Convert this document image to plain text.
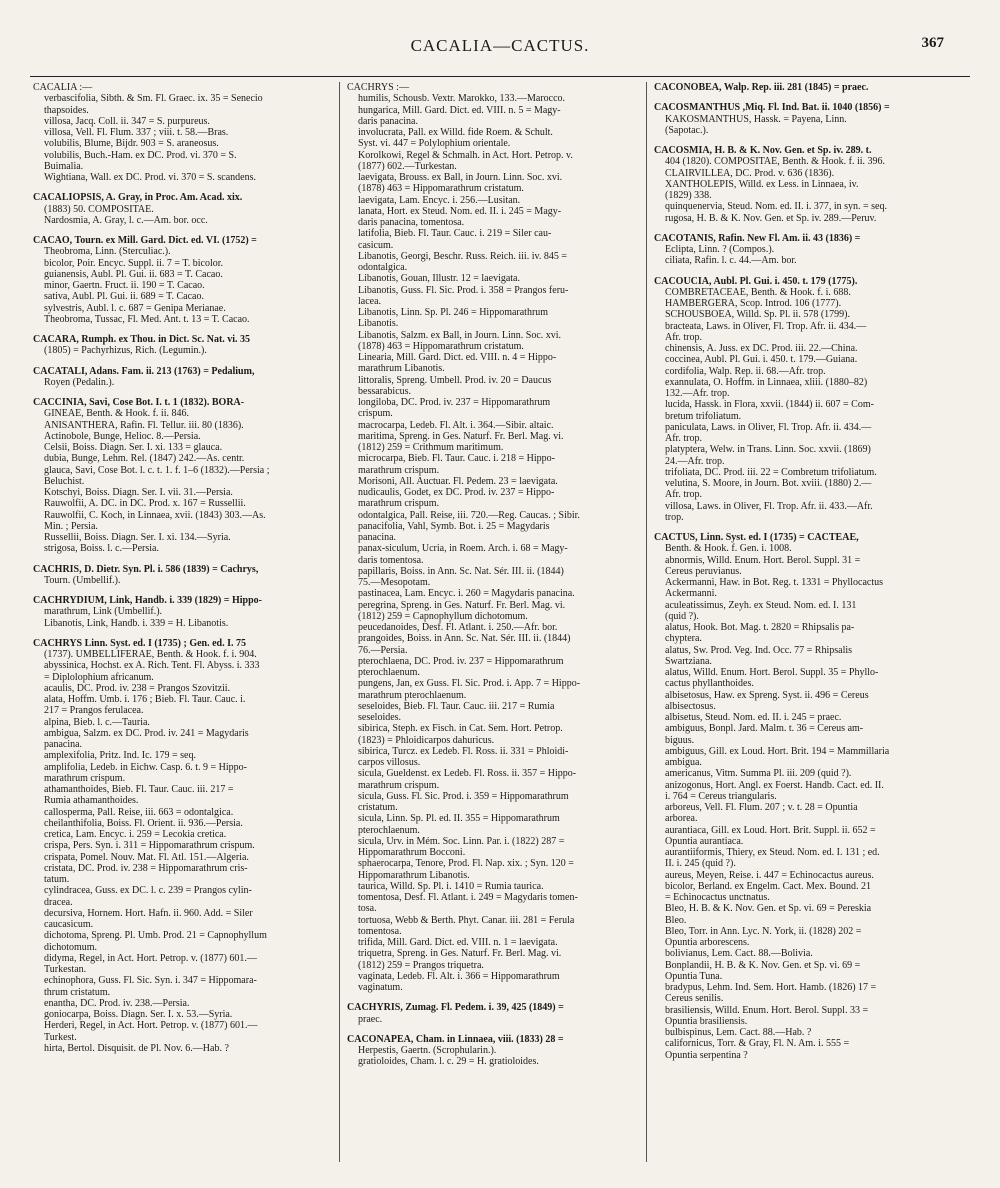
CACALIA—CACTUS.	367
CACALIA :—
verbascifolia, Sibth. & Sm. Fl. Graec. ix. 35 = Senecio
thapsoides.
villosa, Jacq. Coll. ii. 347 = S. purpureus.
villosa, Vell. Fl. Flum. 337 ; viii. t. 58.—Bras.
volubilis, Blume, Bijdr. 903 = S. araneosus.
volubilis, Buch.-Ham. ex DC. Prod. vi. 370 = S.
Buimalia.
Wightiana, Wall. ex DC. Prod. vi. 370 = S. scandens.
CACALIOPSIS, A. Gray, in Proc. Am. Acad. xix.
(1883) 50. COMPOSITAE.
Nardosmia, A. Gray, l. c.—Am. bor. occ.
CACAO, Tourn. ex Mill. Gard. Dict. ed. VI. (1752) =
Theobroma, Linn. (Sterculiac.).
bicolor, Poir. Encyc. Suppl. ii. 7 = T. bicolor.
guianensis, Aubl. Pl. Gui. ii. 683 = T. Cacao.
minor, Gaertn. Fruct. ii. 190 = T. Cacao.
sativa, Aubl. Pl. Gui. ii. 689 = T. Cacao.
sylvestris, Aubl. l. c. 687 = Genipa Merianae.
Theobroma, Tussac, Fl. Med. Ant. t. 13 = T. Cacao.
CACARA, Rumph. ex Thou. in Dict. Sc. Nat. vi. 35
(1805) = Pachyrhizus, Rich. (Legumin.).
CACATALI, Adans. Fam. ii. 213 (1763) = Pedalium,
Royen (Pedalin.).
CACCINIA, Savi, Cose Bot. I. t. 1 (1832). BORA-
GINEAE, Benth. & Hook. f. ii. 846.
ANISANTHERA, Rafin. Fl. Tellur. iii. 80 (1836).
Actinobole, Bunge, Helioc. 8.—Persia.
Celsii, Boiss. Diagn. Ser. I. xi. 133 = glauca.
dubia, Bunge, Lehm. Rel. (1847) 242.—As. centr.
glauca, Savi, Cose Bot. l. c. t. 1. f. 1–6 (1832).—Persia ;
Beluchist.
Kotschyi, Boiss. Diagn. Ser. I. vii. 31.—Persia.
Rauwolfii, A. DC. in DC. Prod. x. 167 = Russellii.
Rauwolfii, C. Koch, in Linnaea, xvii. (1843) 303.—As.
Min. ; Persia.
Russellii, Boiss. Diagn. Ser. I. xi. 134.—Syria.
strigosa, Boiss. l. c.—Persia.
CACHRIS, D. Dietr. Syn. Pl. i. 586 (1839) = Cachrys,
Tourn. (Umbellif.).
CACHRYDIUM, Link, Handb. i. 339 (1829) = Hippo-
marathrum, Link (Umbellif.).
Libanotis, Link, Handb. i. 339 = H. Libanotis.
CACHRYS Linn. Syst. ed. I (1735) ; Gen. ed. I. 75
(1737). UMBELLIFERAE, Benth. & Hook. f. i. 904.
abyssinica, Hochst. ex A. Rich. Tent. Fl. Abyss. i. 333
= Diplolophium africanum.
acaulis, DC. Prod. iv. 238 = Prangos Szovitzii.
alata, Hoffm. Umb. i. 176 ; Bieb. Fl. Taur. Cauc. i.
217 = Prangos ferulacea.
alpina, Bieb. l. c.—Tauria.
ambigua, Salzm. ex DC. Prod. iv. 241 = Magydaris
panacina.
amplexifolia, Pritz. Ind. Ic. 179 = seq.
amplifolia, Ledeb. in Eichw. Casp. 6. t. 9 = Hippo-
marathrum crispum.
athamanthoides, Bieb. Fl. Taur. Cauc. iii. 217 =
Rumia athamanthoides.
callosperma, Pall. Reise, iii. 663 = odontalgica.
cheilanthifolia, Boiss. Fl. Orient. ii. 936.—Persia.
cretica, Lam. Encyc. i. 259 = Lecokia cretica.
crispa, Pers. Syn. i. 311 = Hippomarathrum crispum.
crispata, Pomel. Nouv. Mat. Fl. Atl. 151.—Algeria.
cristata, DC. Prod. iv. 238 = Hippomarathrum cris-
tatum.
cylindracea, Guss. ex DC. l. c. 239 = Prangos cylin-
dracea.
decursiva, Hornem. Hort. Hafn. ii. 960. Add. = Siler
caucasicum.
dichotoma, Spreng. Pl. Umb. Prod. 21 = Capnophyllum
dichotomum.
didyma, Regel, in Act. Hort. Petrop. v. (1877) 601.—
Turkestan.
echinophora, Guss. Fl. Sic. Syn. i. 347 = Hippomara-
thrum cristatum.
enantha, DC. Prod. iv. 238.—Persia.
goniocarpa, Boiss. Diagn. Ser. I. x. 53.—Syria.
Herderi, Regel, in Act. Hort. Petrop. v. (1877) 601.—
Turkest.
hirta, Bertol. Disquisit. de Pl. Nov. 6.—Hab. ?
CACHRYS :—
humilis, Schousb. Vextr. Marokko, 133.—Marocco.
hungarica, Mill. Gard. Dict. ed. VIII. n. 5 = Magy-
daris panacina.
involucrata, Pall. ex Willd. fide Roem. & Schult.
Syst. vi. 447 = Polylophium orientale.
Korolkowi, Regel & Schmalh. in Act. Hort. Petrop. v.
(1877) 602.—Turkestan.
laevigata, Brouss. ex Ball, in Journ. Linn. Soc. xvi.
(1878) 463 = Hippomarathrum cristatum.
laevigata, Lam. Encyc. i. 256.—Lusitan.
lanata, Hort. ex Steud. Nom. ed. II. i. 245 = Magy-
daris panacina, tomentosa.
latifolia, Bieb. Fl. Taur. Cauc. i. 219 = Siler cau-
casicum.
Libanotis, Georgi, Beschr. Russ. Reich. iii. iv. 845 =
odontalgica.
Libanotis, Gouan, Illustr. 12 = laevigata.
Libanotis, Guss. Fl. Sic. Prod. i. 358 = Prangos feru-
lacea.
Libanotis, Linn. Sp. Pl. 246 = Hippomarathrum
Libanotis.
Libanotis, Salzm. ex Ball, in Journ. Linn. Soc. xvi.
(1878) 463 = Hippomarathrum cristatum.
Linearia, Mill. Gard. Dict. ed. VIII. n. 4 = Hippo-
marathrum Libanotis.
littoralis, Spreng. Umbell. Prod. iv. 20 = Daucus
bessarabicus.
longiloba, DC. Prod. iv. 237 = Hippomarathrum
crispum.
macrocarpa, Ledeb. Fl. Alt. i. 364.—Sibir. altaic.
maritima, Spreng. in Ges. Naturf. Fr. Berl. Mag. vi.
(1812) 259 = Crithmum maritimum.
microcarpa, Bieb. Fl. Taur. Cauc. i. 218 = Hippo-
marathrum crispum.
Morisoni, All. Auctuar. Fl. Pedem. 23 = laevigata.
nudicaulis, Godet, ex DC. Prod. iv. 237 = Hippo-
marathrum crispum.
odontalgica, Pall. Reise, iii. 720.—Reg. Caucas. ; Sibir.
panacifolia, Vahl, Symb. Bot. i. 25 = Magydaris
panacina.
panax-siculum, Ucria, in Roem. Arch. i. 68 = Magy-
daris tomentosa.
papillaris, Boiss. in Ann. Sc. Nat. Sér. III. ii. (1844)
75.—Mesopotam.
pastinacea, Lam. Encyc. i. 260 = Magydaris panacina.
peregrina, Spreng. in Ges. Naturf. Fr. Berl. Mag. vi.
(1812) 259 = Capnophyllum dichotomum.
peucedanoides, Desf. Fl. Atlant. i. 250.—Afr. bor.
prangoides, Boiss. in Ann. Sc. Nat. Sér. III. ii. (1844)
76.—Persia.
pterochlaena, DC. Prod. iv. 237 = Hippomarathrum
pterochlaenum.
pungens, Jan, ex Guss. Fl. Sic. Prod. i. App. 7 = Hippo-
marathrum pterochlaenum.
seseloides, Bieb. Fl. Taur. Cauc. iii. 217 = Rumia
seseloides.
sibirica, Steph. ex Fisch. in Cat. Sem. Hort. Petrop.
(1823) = Phloidicarpos dahuricus.
sibirica, Turcz. ex Ledeb. Fl. Ross. ii. 331 = Phloidi-
carpos villosus.
sicula, Gueldenst. ex Ledeb. Fl. Ross. ii. 357 = Hippo-
marathrum crispum.
sicula, Guss. Fl. Sic. Prod. i. 359 = Hippomarathrum
cristatum.
sicula, Linn. Sp. Pl. ed. II. 355 = Hippomarathrum
pterochlaenum.
sicula, Urv. in Mém. Soc. Linn. Par. i. (1822) 287 =
Hippomarathrum Bocconi.
sphaerocarpa, Tenore, Prod. Fl. Nap. xix. ; Syn. 120 =
Hippomarathrum Libanotis.
taurica, Willd. Sp. Pl. i. 1410 = Rumia taurica.
tomentosa, Desf. Fl. Atlant. i. 249 = Magydaris tomen-
tosa.
tortuosa, Webb & Berth. Phyt. Canar. iii. 281 = Ferula
tomentosa.
trifida, Mill. Gard. Dict. ed. VIII. n. 1 = laevigata.
triquetra, Spreng. in Ges. Naturf. Fr. Berl. Mag. vi.
(1812) 259 = Prangos triquetra.
vaginata, Ledeb. Fl. Alt. i. 366 = Hippomarathrum
vaginatum.
CACHYRIS, Zumag. Fl. Pedem. i. 39, 425 (1849) =
praec.
CACONAPEA, Cham. in Linnaea, viii. (1833) 28 =
Herpestis, Gaertn. (Scrophularin.).
gratioloides, Cham. l. c. 29 = H. gratioloides.
CACONOBEA, Walp. Rep. iii. 281 (1845) = praec.
CACOSMANTHUS ,Miq. Fl. Ind. Bat. ii. 1040 (1856) =
KAKOSMANTHUS, Hassk. = Payena, Linn.
(Sapotac.).
CACOSMIA, H. B. & K. Nov. Gen. et Sp. iv. 289. t.
404 (1820). COMPOSITAE, Benth. & Hook. f. ii. 396.
CLAIRVILLEA, DC. Prod. v. 636 (1836).
XANTHOLEPIS, Willd. ex Less. in Linnaea, iv.
(1829) 338.
quinquenervia, Steud. Nom. ed. II. i. 377, in syn. = seq.
rugosa, H. B. & K. Nov. Gen. et Sp. iv. 289.—Peruv.
CACOTANIS, Rafin. New Fl. Am. ii. 43 (1836) =
Eclipta, Linn. ? (Compos.).
ciliata, Rafin. l. c. 44.—Am. bor.
CACOUCIA, Aubl. Pl. Gui. i. 450. t. 179 (1775).
COMBRETACEAE, Benth. & Hook. f. i. 688.
HAMBERGERA, Scop. Introd. 106 (1777).
SCHOUSBOEA, Willd. Sp. Pl. ii. 578 (1799).
bracteata, Laws. in Oliver, Fl. Trop. Afr. ii. 434.—
Afr. trop.
chinensis, A. Juss. ex DC. Prod. iii. 22.—China.
coccinea, Aubl. Pl. Gui. i. 450. t. 179.—Guiana.
cordifolia, Walp. Rep. ii. 68.—Afr. trop.
exannulata, O. Hoffm. in Linnaea, xliii. (1880–82)
132.—Afr. trop.
lucida, Hassk. in Flora, xxvii. (1844) ii. 607 = Com-
bretum trifoliatum.
paniculata, Laws. in Oliver, Fl. Trop. Afr. ii. 434.—
Afr. trop.
platyptera, Welw. in Trans. Linn. Soc. xxvii. (1869)
24.—Afr. trop.
trifoliata, DC. Prod. iii. 22 = Combretum trifoliatum.
velutina, S. Moore, in Journ. Bot. xviii. (1880) 2.—
Afr. trop.
villosa, Laws. in Oliver, Fl. Trop. Afr. ii. 433.—Afr.
trop.
CACTUS, Linn. Syst. ed. I (1735) = CACTEAE,
Benth. & Hook. f. Gen. i. 1008.
abnormis, Willd. Enum. Hort. Berol. Suppl. 31 =
Cereus peruvianus.
Ackermanni, Haw. in Bot. Reg. t. 1331 = Phyllocactus
Ackermanni.
aculeatissimus, Zeyh. ex Steud. Nom. ed. I. 131
(quid ?).
alatus, Hook. Bot. Mag. t. 2820 = Rhipsalis pa-
chyptera.
alatus, Sw. Prod. Veg. Ind. Occ. 77 = Rhipsalis
Swartziana.
alatus, Willd. Enum. Hort. Berol. Suppl. 35 = Phyllo-
cactus phyllanthoides.
albisetosus, Haw. ex Spreng. Syst. ii. 496 = Cereus
albisectosus.
albisetus, Steud. Nom. ed. II. i. 245 = praec.
ambiguus, Bonpl. Jard. Malm. t. 36 = Cereus am-
biguus.
ambiguus, Gill. ex Loud. Hort. Brit. 194 = Mammillaria
ambigua.
americanus, Vitm. Summa Pl. iii. 209 (quid ?).
anizogonus, Hort. Angl. ex Foerst. Handb. Cact. ed. II.
i. 764 = Cereus triangularis.
arboreus, Vell. Fl. Flum. 207 ; v. t. 28 = Opuntia
arborea.
aurantiaca, Gill. ex Loud. Hort. Brit. Suppl. ii. 652 =
Opuntia aurantiaca.
aurantiiformis, Thiery, ex Steud. Nom. ed. I. 131 ; ed.
II. i. 245 (quid ?).
aureus, Meyen, Reise. i. 447 = Echinocactus aureus.
bicolor, Berland. ex Engelm. Cact. Mex. Bound. 21
= Echinocactus unctnatus.
Bleo, H. B. & K. Nov. Gen. et Sp. vi. 69 = Pereskia
Bleo.
Bleo, Torr. in Ann. Lyc. N. York, ii. (1828) 202 =
Opuntia arborescens.
bolivianus, Lem. Cact. 88.—Bolivia.
Bonplandii, H. B. & K. Nov. Gen. et Sp. vi. 69 =
Opuntia Tuna.
bradypus, Lehm. Ind. Sem. Hort. Hamb. (1826) 17 =
Cereus senilis.
brasiliensis, Willd. Enum. Hort. Berol. Suppl. 33 =
Opuntia brasiliensis.
bulbispinus, Lem. Cact. 88.—Hab. ?
californicus, Torr. & Gray, Fl. N. Am. i. 555 =
Opuntia serpentina ?
